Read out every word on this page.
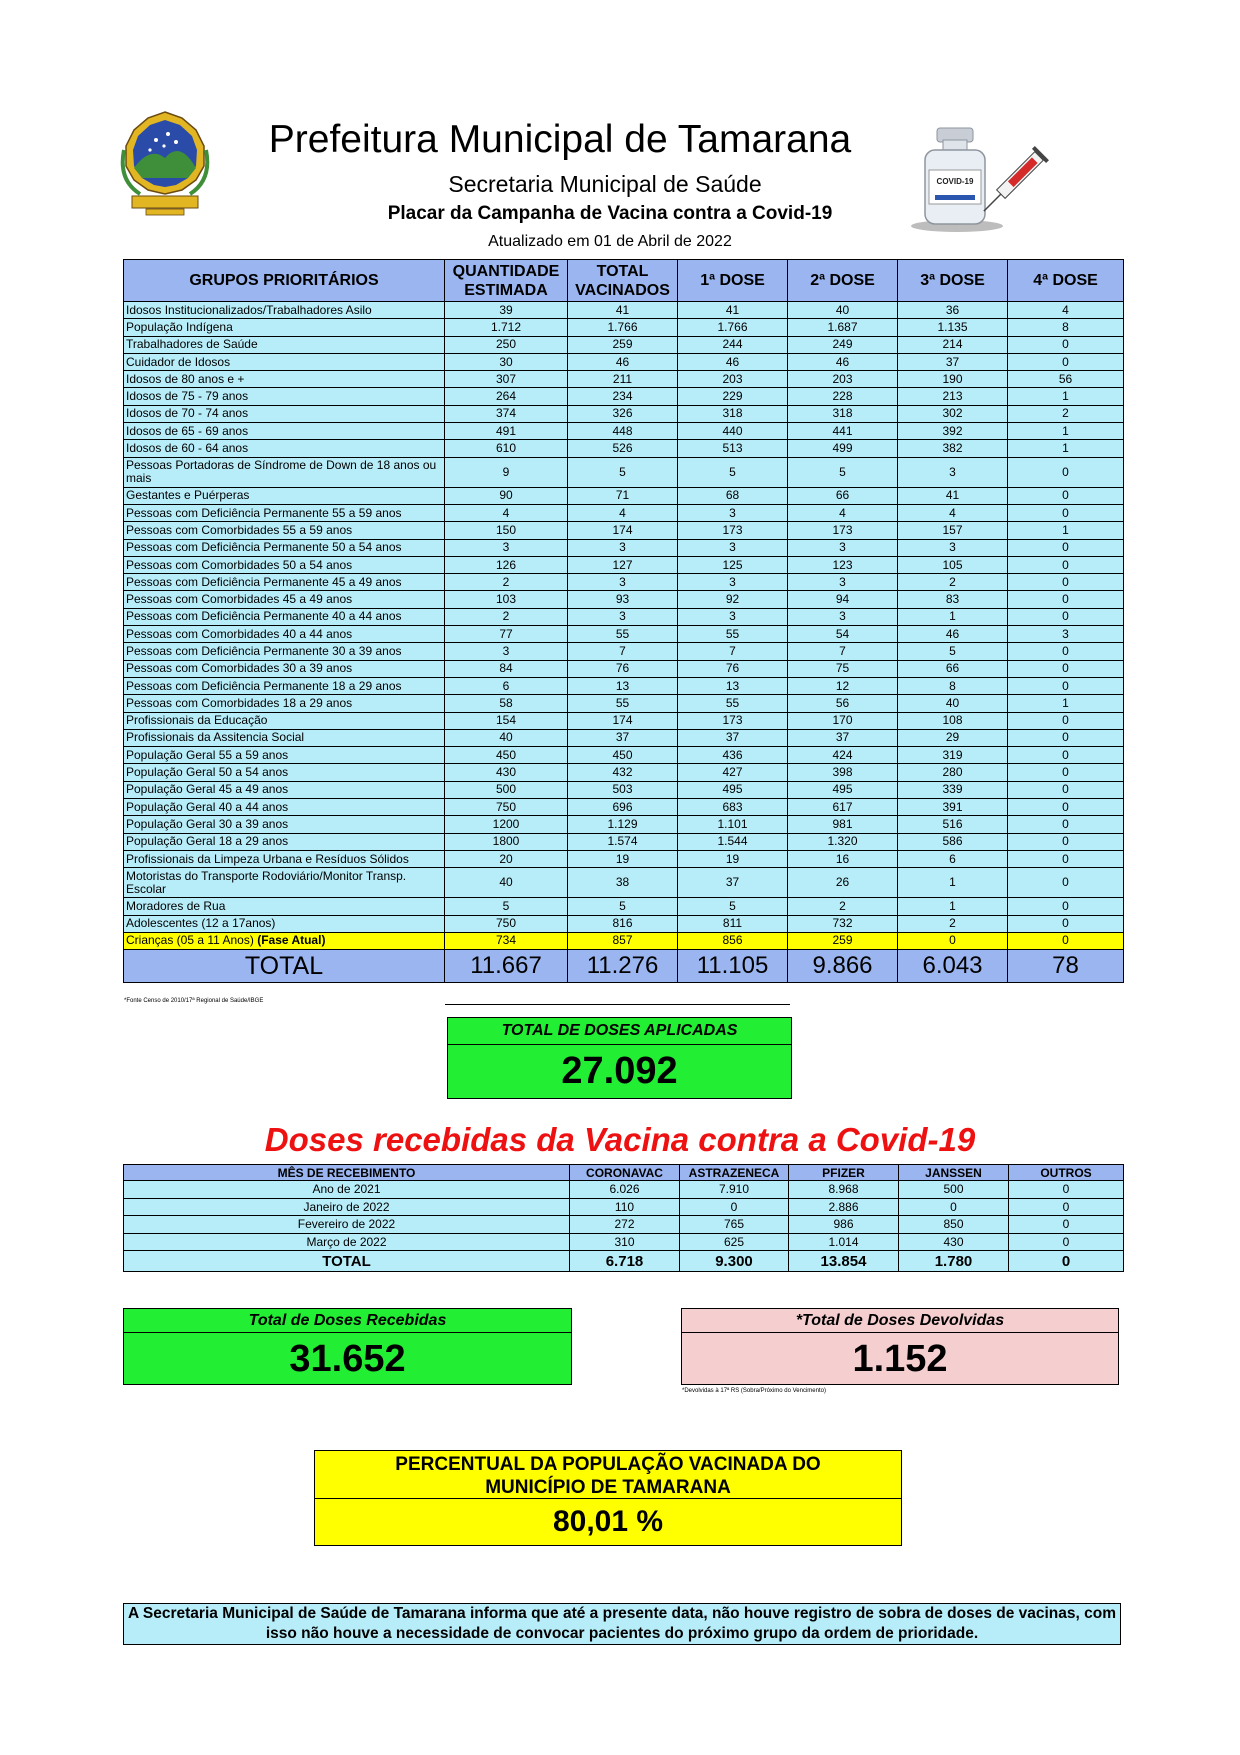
COVID-19
Prefeitura Municipal de Tamarana
Secretaria Municipal de Saúde
Placar da Campanha de Vacina contra a Covid-19
Atualizado em 01 de Abril de 2022
GRUPOS PRIORITÁRIOS	QUANTIDADE ESTIMADA	TOTAL VACINADOS	1ª DOSE	2ª DOSE	3ª DOSE	4ª DOSE
Idosos Institucionalizados/Trabalhadores Asilo	39	41	41	40	36	4
População Indígena	1.712	1.766	1.766	1.687	1.135	8
Trabalhadores de Saúde	250	259	244	249	214	0
Cuidador de Idosos	30	46	46	46	37	0
Idosos de 80 anos e +	307	211	203	203	190	56
Idosos de 75 - 79 anos	264	234	229	228	213	1
Idosos de 70 - 74 anos	374	326	318	318	302	2
Idosos de 65 - 69 anos	491	448	440	441	392	1
Idosos de 60 - 64 anos	610	526	513	499	382	1
Pessoas Portadoras de Síndrome de Down de 18 anos ou mais	9	5	5	5	3	0
Gestantes e Puérperas	90	71	68	66	41	0
Pessoas com Deficiência Permanente 55 a 59 anos	4	4	3	4	4	0
Pessoas com Comorbidades 55 a 59 anos	150	174	173	173	157	1
Pessoas com Deficiência Permanente 50 a 54 anos	3	3	3	3	3	0
Pessoas com Comorbidades 50 a 54 anos	126	127	125	123	105	0
Pessoas com Deficiência Permanente 45 a 49 anos	2	3	3	3	2	0
Pessoas com Comorbidades 45 a 49 anos	103	93	92	94	83	0
Pessoas com Deficiência Permanente 40 a 44 anos	2	3	3	3	1	0
Pessoas com Comorbidades 40 a 44 anos	77	55	55	54	46	3
Pessoas com Deficiência Permanente 30 a 39 anos	3	7	7	7	5	0
Pessoas com Comorbidades 30 a 39 anos	84	76	76	75	66	0
Pessoas com Deficiência Permanente 18 a 29 anos	6	13	13	12	8	0
Pessoas com Comorbidades 18 a 29 anos	58	55	55	56	40	1
Profissionais da Educação	154	174	173	170	108	0
Profissionais da Assitencia Social	40	37	37	37	29	0
População Geral 55 a 59 anos	450	450	436	424	319	0
População Geral 50 a 54 anos	430	432	427	398	280	0
População Geral 45 a 49 anos	500	503	495	495	339	0
População Geral 40 a 44 anos	750	696	683	617	391	0
População Geral 30 a 39 anos	1200	1.129	1.101	981	516	0
População Geral 18 a 29 anos	1800	1.574	1.544	1.320	586	0
Profissionais da Limpeza Urbana e Resíduos Sólidos	20	19	19	16	6	0
Motoristas do Transporte Rodoviário/Monitor Transp. Escolar	40	38	37	26	1	0
Moradores de Rua	5	5	5	2	1	0
Adolescentes (12 a 17anos)	750	816	811	732	2	0
Crianças (05 a 11 Anos) (Fase Atual)	734	857	856	259	0	0
TOTAL	11.667	11.276	11.105	9.866	6.043	78
*Fonte Censo de 2010/17ª Regional de Saúde/IBGE
TOTAL DE DOSES APLICADAS
27.092
Doses recebidas da Vacina contra a Covid-19
MÊS DE RECEBIMENTO	CORONAVAC	ASTRAZENECA	PFIZER	JANSSEN	OUTROS
Ano de 2021	6.026	7.910	8.968	500	0
Janeiro de 2022	110	0	2.886	0	0
Fevereiro de 2022	272	765	986	850	0
Março de 2022	310	625	1.014	430	0
TOTAL	6.718	9.300	13.854	1.780	0
Total de Doses Recebidas
31.652
*Total de Doses Devolvidas
1.152
*Devolvidas à 17ª RS (Sobra/Próximo do Vencimento)
PERCENTUAL DA POPULAÇÃO VACINADA DO
MUNICÍPIO DE TAMARANA
80,01 %
A Secretaria Municipal de Saúde de Tamarana informa que até a presente data, não houve registro de sobra de doses de vacinas, com isso não houve a necessidade de convocar pacientes do próximo grupo da ordem de prioridade.
